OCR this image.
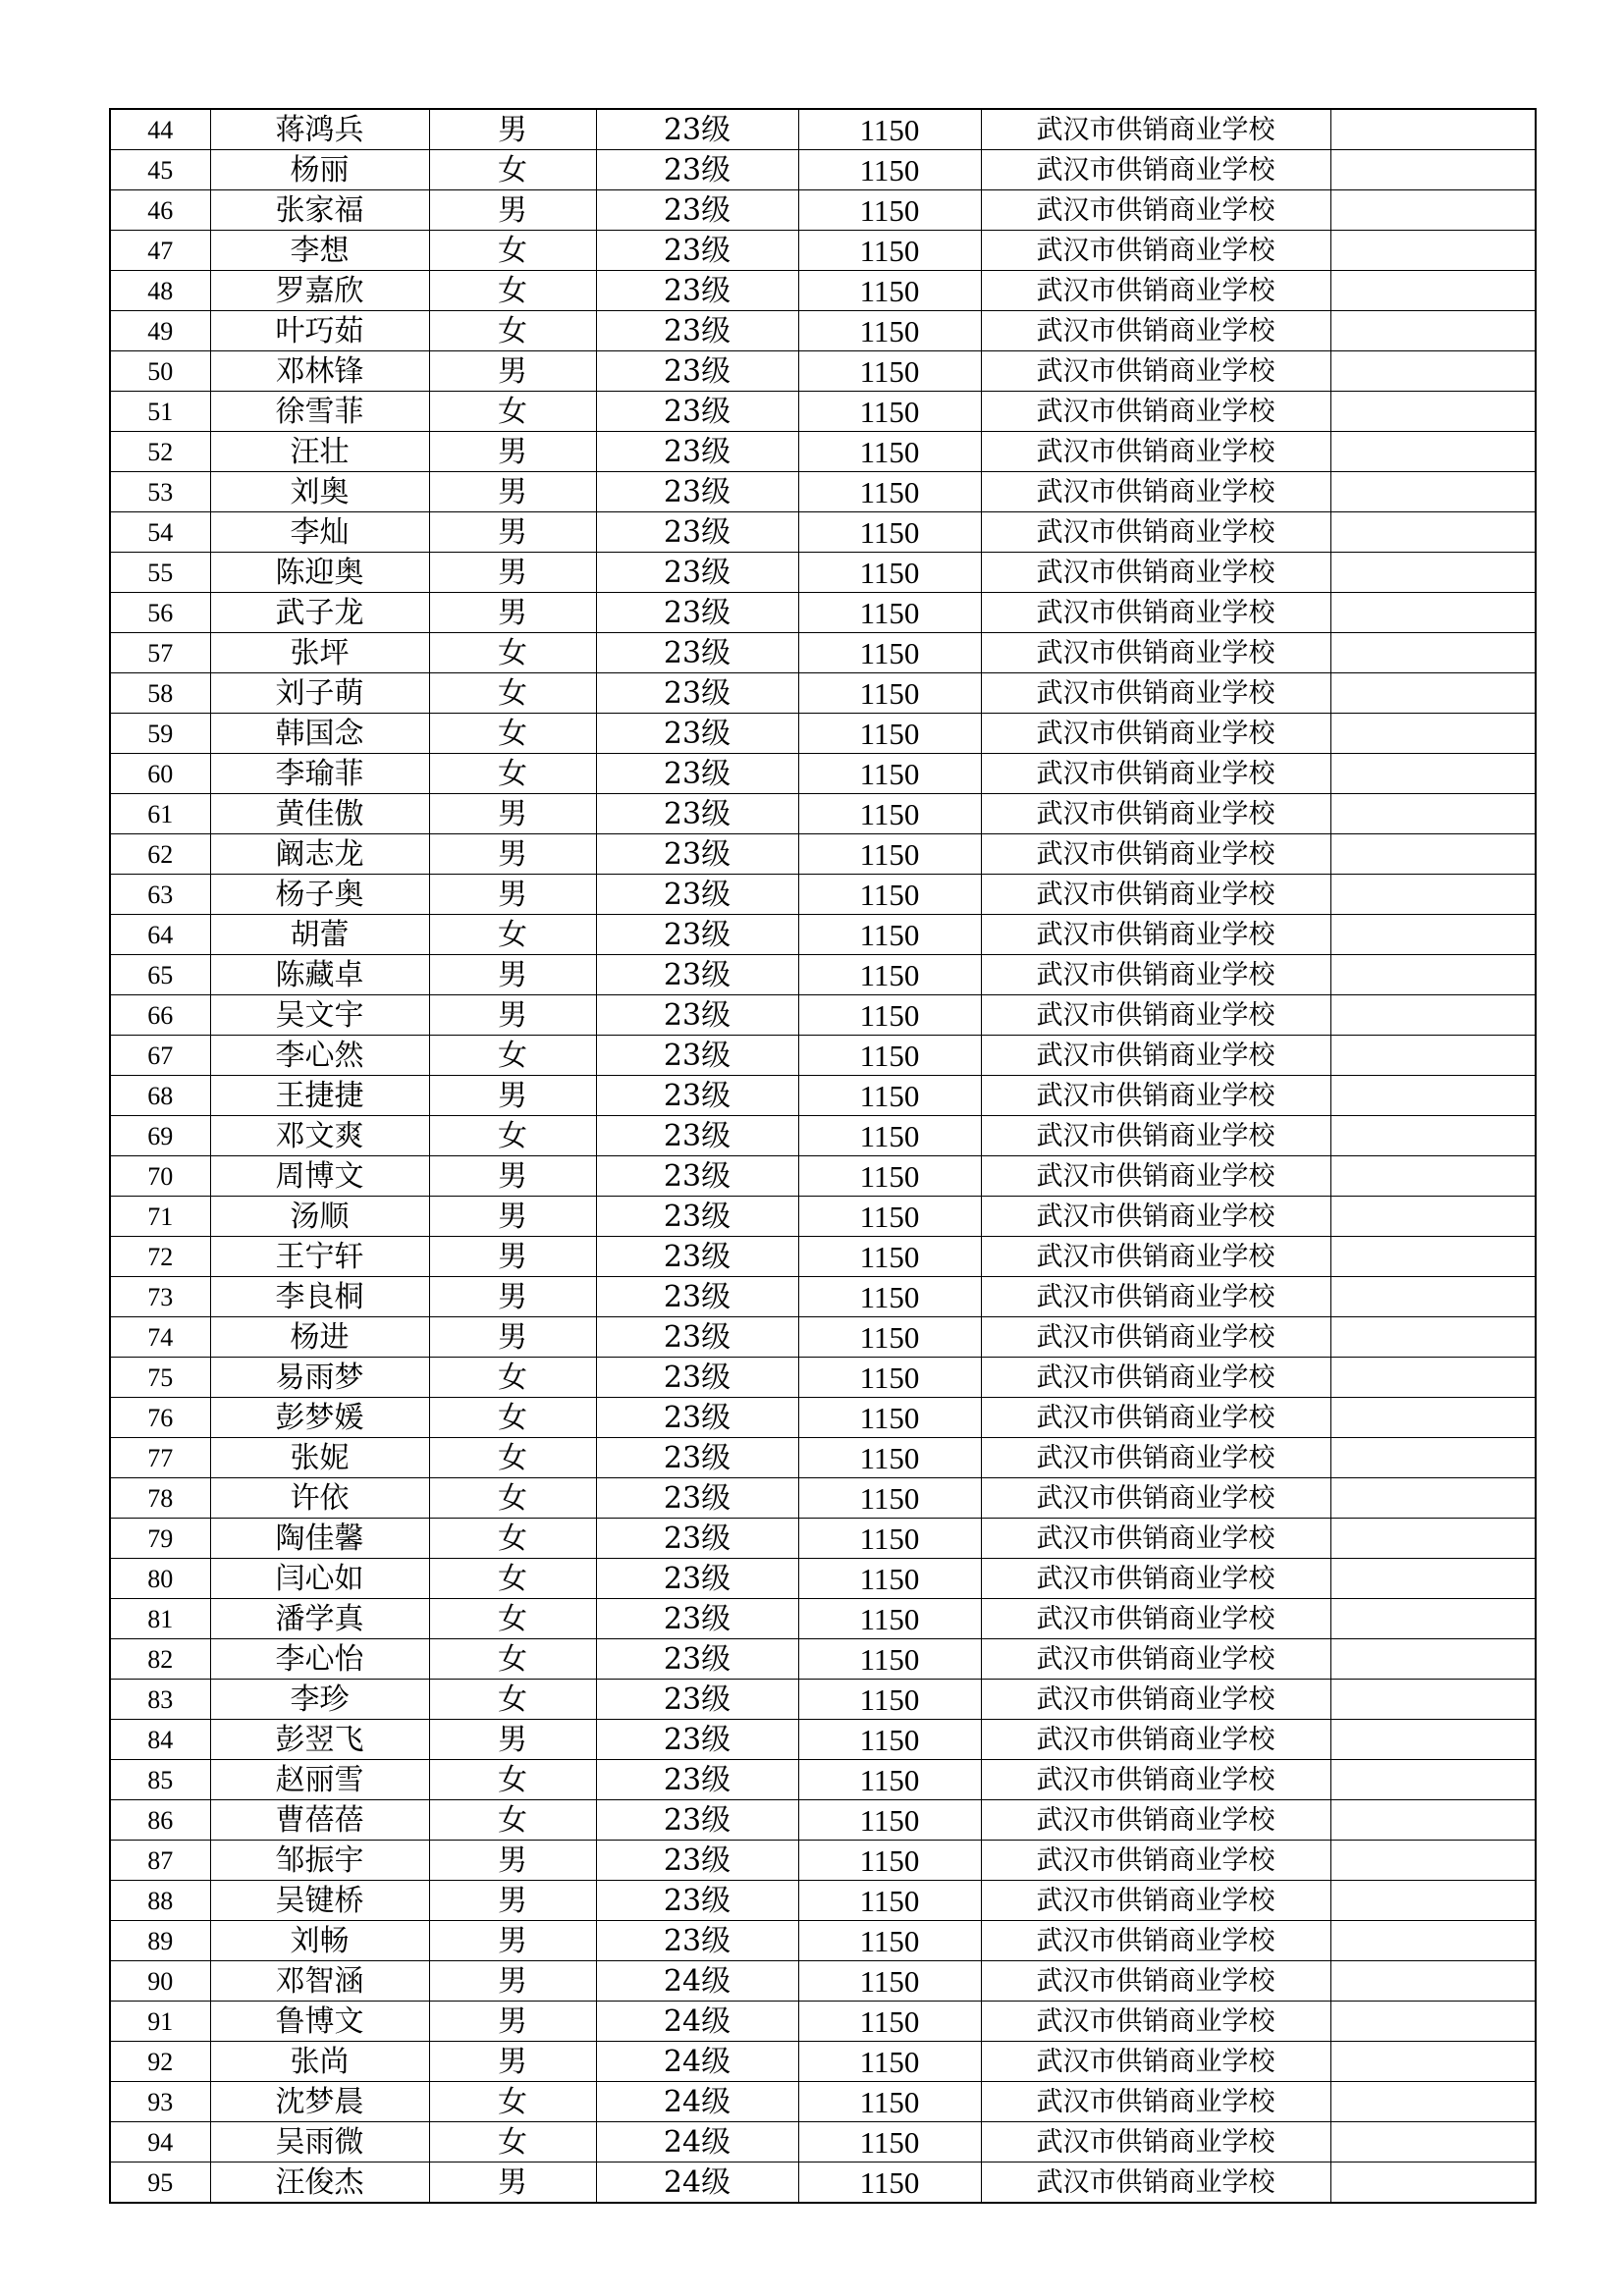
44	蒋鸿兵	男	23级	1150	武汉市供销商业学校	
45	杨丽	女	23级	1150	武汉市供销商业学校	
46	张家福	男	23级	1150	武汉市供销商业学校	
47	李想	女	23级	1150	武汉市供销商业学校	
48	罗嘉欣	女	23级	1150	武汉市供销商业学校	
49	叶巧茹	女	23级	1150	武汉市供销商业学校	
50	邓林锋	男	23级	1150	武汉市供销商业学校	
51	徐雪菲	女	23级	1150	武汉市供销商业学校	
52	汪壮	男	23级	1150	武汉市供销商业学校	
53	刘奥	男	23级	1150	武汉市供销商业学校	
54	李灿	男	23级	1150	武汉市供销商业学校	
55	陈迎奥	男	23级	1150	武汉市供销商业学校	
56	武子龙	男	23级	1150	武汉市供销商业学校	
57	张坪	女	23级	1150	武汉市供销商业学校	
58	刘子萌	女	23级	1150	武汉市供销商业学校	
59	韩国念	女	23级	1150	武汉市供销商业学校	
60	李瑜菲	女	23级	1150	武汉市供销商业学校	
61	黄佳傲	男	23级	1150	武汉市供销商业学校	
62	阚志龙	男	23级	1150	武汉市供销商业学校	
63	杨子奥	男	23级	1150	武汉市供销商业学校	
64	胡蕾	女	23级	1150	武汉市供销商业学校	
65	陈藏卓	男	23级	1150	武汉市供销商业学校	
66	吴文宇	男	23级	1150	武汉市供销商业学校	
67	李心然	女	23级	1150	武汉市供销商业学校	
68	王捷捷	男	23级	1150	武汉市供销商业学校	
69	邓文爽	女	23级	1150	武汉市供销商业学校	
70	周博文	男	23级	1150	武汉市供销商业学校	
71	汤顺	男	23级	1150	武汉市供销商业学校	
72	王宁轩	男	23级	1150	武汉市供销商业学校	
73	李良桐	男	23级	1150	武汉市供销商业学校	
74	杨进	男	23级	1150	武汉市供销商业学校	
75	易雨梦	女	23级	1150	武汉市供销商业学校	
76	彭梦媛	女	23级	1150	武汉市供销商业学校	
77	张妮	女	23级	1150	武汉市供销商业学校	
78	许依	女	23级	1150	武汉市供销商业学校	
79	陶佳馨	女	23级	1150	武汉市供销商业学校	
80	闫心如	女	23级	1150	武汉市供销商业学校	
81	潘学真	女	23级	1150	武汉市供销商业学校	
82	李心怡	女	23级	1150	武汉市供销商业学校	
83	李珍	女	23级	1150	武汉市供销商业学校	
84	彭翌飞	男	23级	1150	武汉市供销商业学校	
85	赵丽雪	女	23级	1150	武汉市供销商业学校	
86	曹蓓蓓	女	23级	1150	武汉市供销商业学校	
87	邹振宇	男	23级	1150	武汉市供销商业学校	
88	吴键桥	男	23级	1150	武汉市供销商业学校	
89	刘畅	男	23级	1150	武汉市供销商业学校	
90	邓智涵	男	24级	1150	武汉市供销商业学校	
91	鲁博文	男	24级	1150	武汉市供销商业学校	
92	张尚	男	24级	1150	武汉市供销商业学校	
93	沈梦晨	女	24级	1150	武汉市供销商业学校	
94	吴雨微	女	24级	1150	武汉市供销商业学校	
95	汪俊杰	男	24级	1150	武汉市供销商业学校	
